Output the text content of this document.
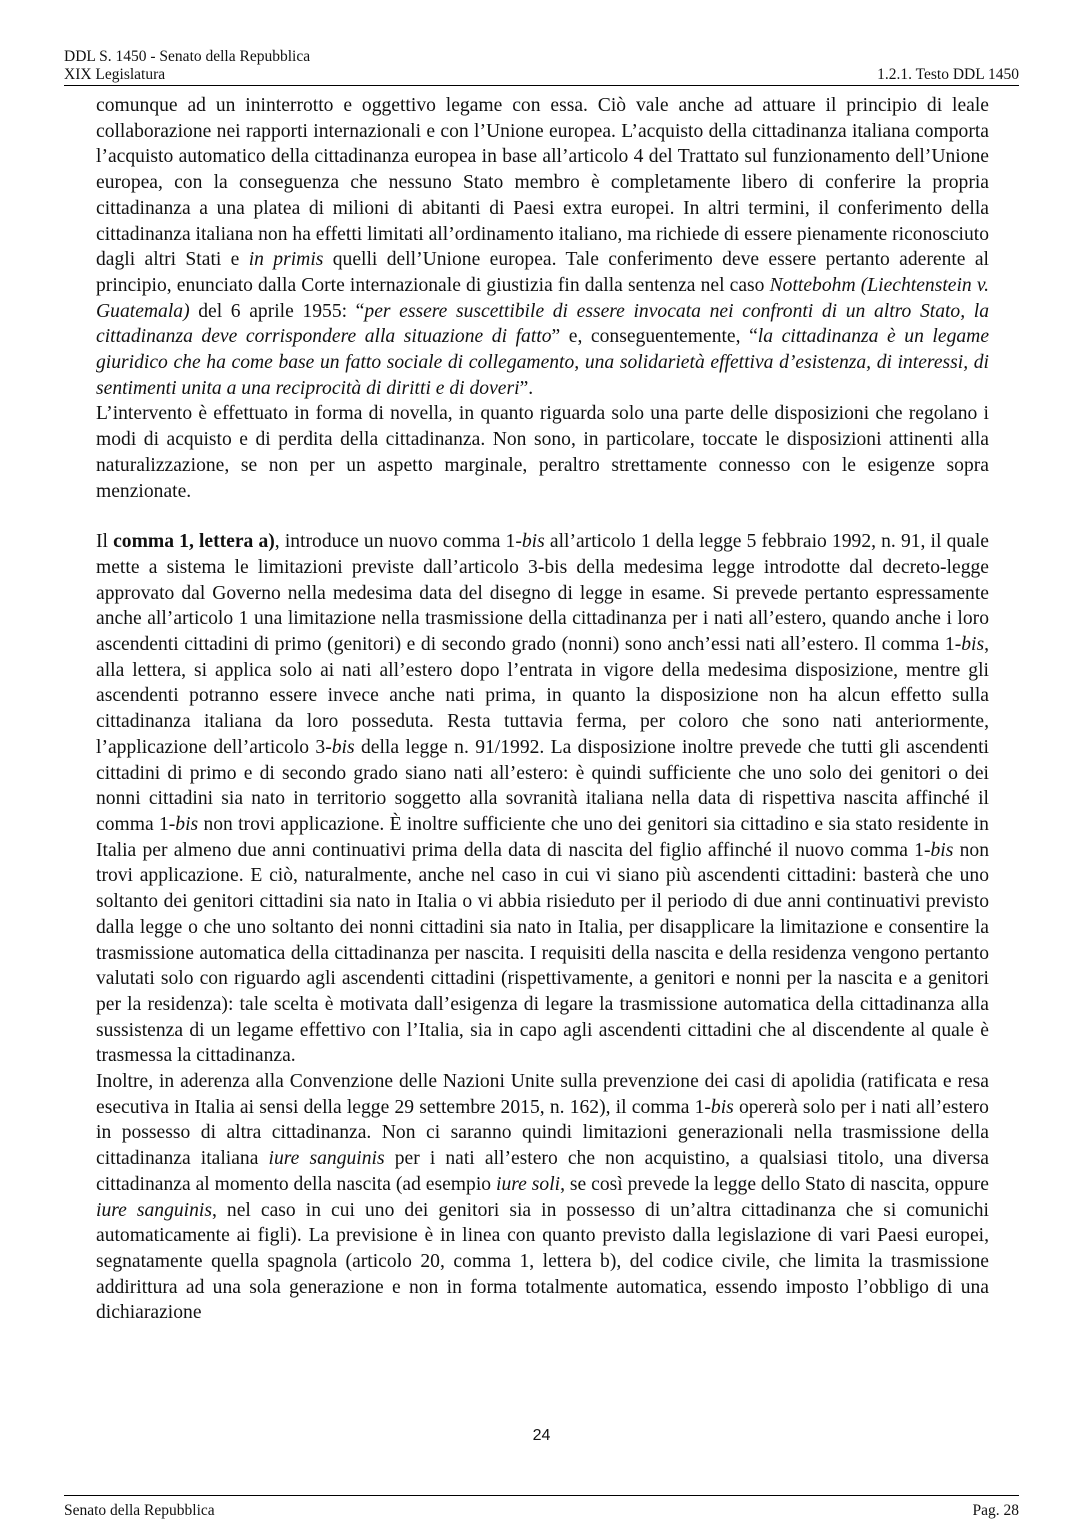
DDL S. 1450 - Senato della Repubblica
XIX Legislatura	1.2.1. Testo DDL 1450

comunque ad un ininterrotto e oggettivo legame con essa. Ciò vale anche ad attuare il principio di leale collaborazione nei rapporti internazionali e con l’Unione europea. L’acquisto della cittadinanza italiana comporta l’acquisto automatico della cittadinanza europea in base all’articolo 4 del Trattato sul funzionamento dell’Unione europea, con la conseguenza che nessuno Stato membro è completamente libero di conferire la propria cittadinanza a una platea di milioni di abitanti di Paesi extra europei. In altri termini, il conferimento della cittadinanza italiana non ha effetti limitati all’ordinamento italiano, ma richiede di essere pienamente riconosciuto dagli altri Stati e in primis quelli dell’Unione europea. Tale conferimento deve essere pertanto aderente al principio, enunciato dalla Corte internazionale di giustizia fin dalla sentenza nel caso Nottebohm (Liechtenstein v. Guatemala) del 6 aprile 1955: “per essere suscettibile di essere invocata nei confronti di un altro Stato, la cittadinanza deve corrispondere alla situazione di fatto” e, conseguentemente, “la cittadinanza è un legame giuridico che ha come base un fatto sociale di collegamento, una solidarietà effettiva d’esistenza, di interessi, di sentimenti unita a una reciprocità di diritti e di doveri”.

L’intervento è effettuato in forma di novella, in quanto riguarda solo una parte delle disposizioni che regolano i modi di acquisto e di perdita della cittadinanza. Non sono, in particolare, toccate le disposizioni attinenti alla naturalizzazione, se non per un aspetto marginale, peraltro strettamente connesso con le esigenze sopra menzionate.

Il comma 1, lettera a), introduce un nuovo comma 1-bis all’articolo 1 della legge 5 febbraio 1992, n. 91, il quale mette a sistema le limitazioni previste dall’articolo 3-bis della medesima legge introdotte dal decreto-legge approvato dal Governo nella medesima data del disegno di legge in esame. Si prevede pertanto espressamente anche all’articolo 1 una limitazione nella trasmissione della cittadinanza per i nati all’estero, quando anche i loro ascendenti cittadini di primo (genitori) e di secondo grado (nonni) sono anch’essi nati all’estero. Il comma 1-bis, alla lettera, si applica solo ai nati all’estero dopo l’entrata in vigore della medesima disposizione, mentre gli ascendenti potranno essere invece anche nati prima, in quanto la disposizione non ha alcun effetto sulla cittadinanza italiana da loro posseduta. Resta tuttavia ferma, per coloro che sono nati anteriormente, l’applicazione dell’articolo 3-bis della legge n. 91/1992. La disposizione inoltre prevede che tutti gli ascendenti cittadini di primo e di secondo grado siano nati all’estero: è quindi sufficiente che uno solo dei genitori o dei nonni cittadini sia nato in territorio soggetto alla sovranità italiana nella data di rispettiva nascita affinché il comma 1-bis non trovi applicazione. È inoltre sufficiente che uno dei genitori sia cittadino e sia stato residente in Italia per almeno due anni continuativi prima della data di nascita del figlio affinché il nuovo comma 1-bis non trovi applicazione. E ciò, naturalmente, anche nel caso in cui vi siano più ascendenti cittadini: basterà che uno soltanto dei genitori cittadini sia nato in Italia o vi abbia risieduto per il periodo di due anni continuativi previsto dalla legge o che uno soltanto dei nonni cittadini sia nato in Italia, per disapplicare la limitazione e consentire la trasmissione automatica della cittadinanza per nascita. I requisiti della nascita e della residenza vengono pertanto valutati solo con riguardo agli ascendenti cittadini (rispettivamente, a genitori e nonni per la nascita e a genitori per la residenza): tale scelta è motivata dall’esigenza di legare la trasmissione automatica della cittadinanza alla sussistenza di un legame effettivo con l’Italia, sia in capo agli ascendenti cittadini che al discendente al quale è trasmessa la cittadinanza.

Inoltre, in aderenza alla Convenzione delle Nazioni Unite sulla prevenzione dei casi di apolidia (ratificata e resa esecutiva in Italia ai sensi della legge 29 settembre 2015, n. 162), il comma 1-bis opererà solo per i nati all’estero in possesso di altra cittadinanza. Non ci saranno quindi limitazioni generazionali nella trasmissione della cittadinanza italiana iure sanguinis per i nati all’estero che non acquistino, a qualsiasi titolo, una diversa cittadinanza al momento della nascita (ad esempio iure soli, se così prevede la legge dello Stato di nascita, oppure iure sanguinis, nel caso in cui uno dei genitori sia in possesso di un’altra cittadinanza che si comunichi automaticamente ai figli). La previsione è in linea con quanto previsto dalla legislazione di vari Paesi europei, segnatamente quella spagnola (articolo 20, comma 1, lettera b), del codice civile, che limita la trasmissione addirittura ad una sola generazione e non in forma totalmente automatica, essendo imposto l’obbligo di una dichiarazione

24
Senato della Repubblica	Pag. 28
